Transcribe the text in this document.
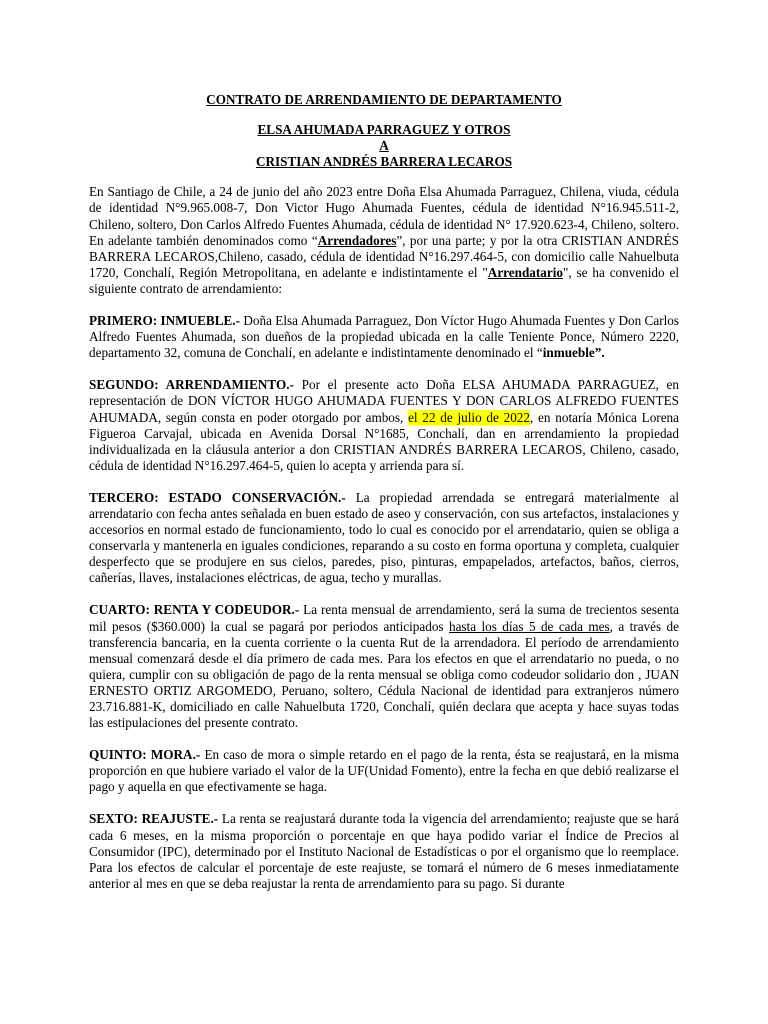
CONTRATO DE ARRENDAMIENTO DE DEPARTAMENTO

ELSA AHUMADA PARRAGUEZ Y OTROS

A

CRISTIAN ANDRÉS BARRERA LECAROS

En Santiago de Chile, a 24 de junio del año 2023 entre Doña Elsa Ahumada Parraguez, Chilena, viuda, cédula de identidad N°9.965.008-7, Don Victor Hugo Ahumada Fuentes, cédula de identidad N°16.945.511-2, Chileno, soltero, Don Carlos Alfredo Fuentes Ahumada, cédula de identidad N° 17.920.623-4, Chileno, soltero. En adelante también denominados como “Arrendadores”, por una parte; y por la otra CRISTIAN ANDRÉS BARRERA LECAROS,Chileno, casado, cédula de identidad N°16.297.464-5, con domicilio calle Nahuelbuta 1720, Conchalí, Región Metropolitana, en adelante e indistintamente el "Arrendatario", se ha convenido el siguiente contrato de arrendamiento:

PRIMERO: INMUEBLE.- Doña Elsa Ahumada Parraguez, Don Víctor Hugo Ahumada Fuentes y Don Carlos Alfredo Fuentes Ahumada, son dueños de la propiedad ubicada en la calle Teniente Ponce, Número 2220, departamento 32, comuna de Conchalí, en adelante e indistintamente denominado el “inmueble”.

SEGUNDO: ARRENDAMIENTO.- Por el presente acto Doña ELSA AHUMADA PARRAGUEZ, en representación de DON VÍCTOR HUGO AHUMADA FUENTES Y DON CARLOS ALFREDO FUENTES AHUMADA, según consta en poder otorgado por ambos, el 22 de julio de 2022, en notaría Mónica Lorena Figueroa Carvajal, ubicada en Avenida Dorsal N°1685, Conchalí, dan en arrendamiento la propiedad individualizada en la cláusula anterior a don CRISTIAN ANDRÉS BARRERA LECAROS, Chileno, casado, cédula de identidad N°16.297.464-5, quien lo acepta y arrienda para sí.

TERCERO: ESTADO CONSERVACIÓN.- La propiedad arrendada se entregará materialmente al arrendatario con fecha antes señalada en buen estado de aseo y conservación, con sus artefactos, instalaciones y accesorios en normal estado de funcionamiento, todo lo cual es conocido por el arrendatario, quien se obliga a conservarla y mantenerla en iguales condiciones, reparando a su costo en forma oportuna y completa, cualquier desperfecto que se produjere en sus cielos, paredes, piso, pinturas, empapelados, artefactos, baños, cierros, cañerías, llaves, instalaciones eléctricas, de agua, techo y murallas.

CUARTO: RENTA Y CODEUDOR.- La renta mensual de arrendamiento, será la suma de trecientos sesenta mil pesos ($360.000) la cual se pagará por periodos anticipados hasta los días 5 de cada mes, a través de transferencia bancaria, en la cuenta corriente o la cuenta Rut de la arrendadora. El período de arrendamiento mensual comenzará desde el día primero de cada mes. Para los efectos en que el arrendatario no pueda, o no quiera, cumplir con su obligación de pago de la renta mensual se obliga como codeudor solidario don , JUAN ERNESTO ORTIZ ARGOMEDO, Peruano, soltero, Cédula Nacional de identidad para extranjeros número 23.716.881-K, domiciliado en calle Nahuelbuta 1720, Conchalí, quién declara que acepta y hace suyas todas las estipulaciones del presente contrato.

QUINTO: MORA.- En caso de mora o simple retardo en el pago de la renta, ésta se reajustará, en la misma proporción en que hubiere variado el valor de la UF(Unidad Fomento), entre la fecha en que debió realizarse el pago y aquella en que efectivamente se haga.

SEXTO: REAJUSTE.- La renta se reajustará durante toda la vigencia del arrendamiento; reajuste que se hará cada 6 meses, en la misma proporción o porcentaje en que haya podido variar el Índice de Precios al Consumidor (IPC), determinado por el Instituto Nacional de Estadísticas o por el organismo que lo reemplace. Para los efectos de calcular el porcentaje de este reajuste, se tomará el número de 6 meses inmediatamente anterior al mes en que se deba reajustar la renta de arrendamiento para su pago. Si durante
